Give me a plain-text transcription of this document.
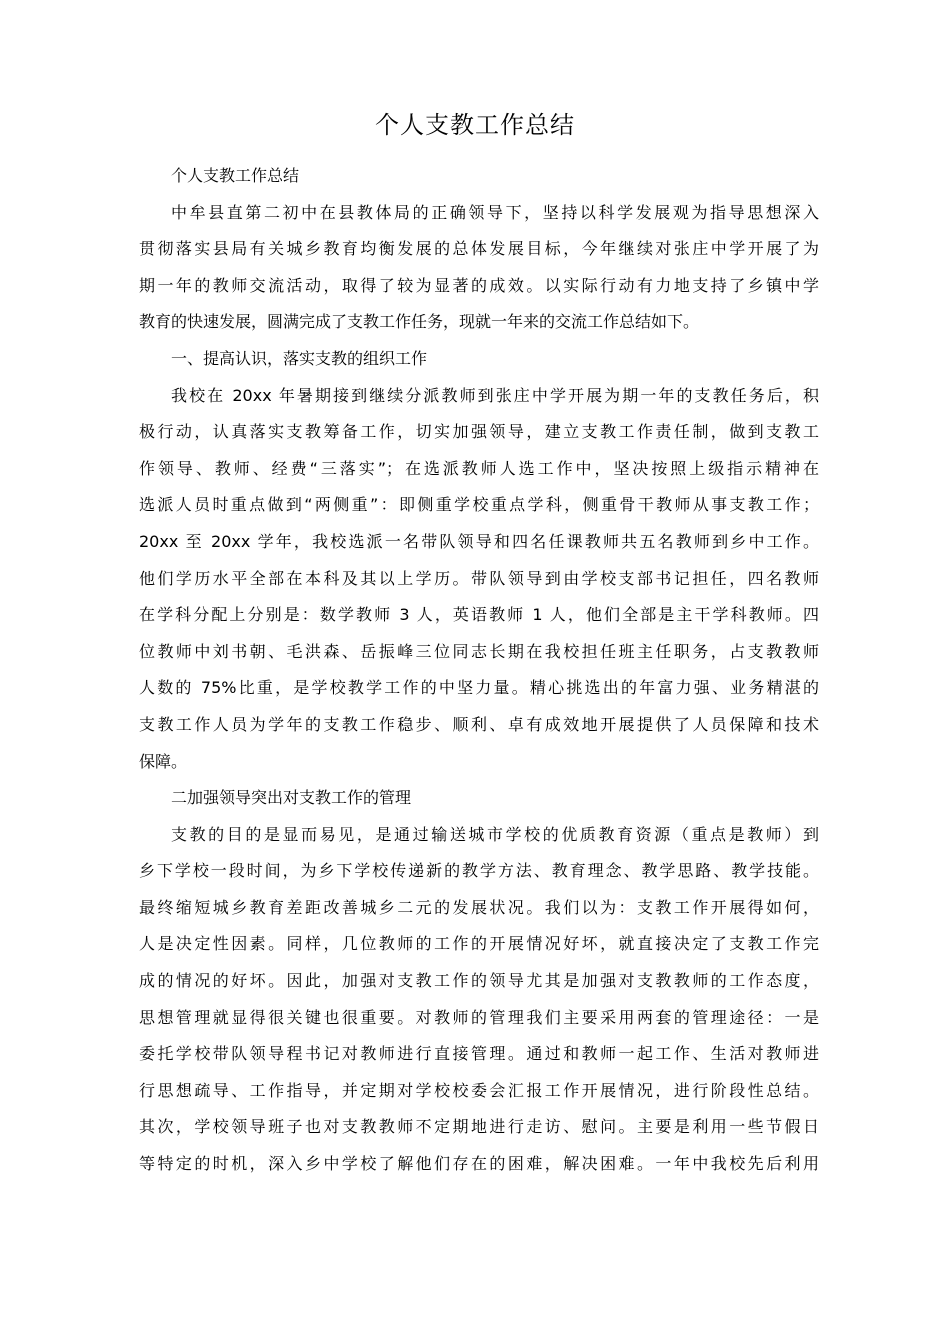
个人支教工作总结
个人支教工作总结
中牟县直第二初中在县教体局的正确领导下，坚持以科学发展观为指导思想深入
贯彻落实县局有关城乡教育均衡发展的总体发展目标，今年继续对张庄中学开展了为
期一年的教师交流活动，取得了较为显著的成效。以实际行动有力地支持了乡镇中学
教育的快速发展，圆满完成了支教工作任务，现就一年来的交流工作总结如下。
一、提高认识，落实支教的组织工作
我校在 20xx 年暑期接到继续分派教师到张庄中学开展为期一年的支教任务后，积
极行动，认真落实支教筹备工作，切实加强领导，建立支教工作责任制，做到支教工
作领导、教师、经费“三落实”；在选派教师人选工作中，坚决按照上级指示精神在
选派人员时重点做到“两侧重”：即侧重学校重点学科，侧重骨干教师从事支教工作；
20xx 至 20xx 学年，我校选派一名带队领导和四名任课教师共五名教师到乡中工作。
他们学历水平全部在本科及其以上学历。带队领导到由学校支部书记担任，四名教师
在学科分配上分别是：数学教师 3 人，英语教师 1 人，他们全部是主干学科教师。四
位教师中刘书朝、毛洪森、岳振峰三位同志长期在我校担任班主任职务，占支教教师
人数的 75%比重，是学校教学工作的中坚力量。精心挑选出的年富力强、业务精湛的
支教工作人员为学年的支教工作稳步、顺利、卓有成效地开展提供了人员保障和技术
保障。
二加强领导突出对支教工作的管理
支教的目的是显而易见，是通过输送城市学校的优质教育资源（重点是教师）到
乡下学校一段时间，为乡下学校传递新的教学方法、教育理念、教学思路、教学技能。
最终缩短城乡教育差距改善城乡二元的发展状况。我们以为：支教工作开展得如何，
人是决定性因素。同样，几位教师的工作的开展情况好坏，就直接决定了支教工作完
成的情况的好坏。因此，加强对支教工作的领导尤其是加强对支教教师的工作态度，
思想管理就显得很关键也很重要。对教师的管理我们主要采用两套的管理途径：一是
委托学校带队领导程书记对教师进行直接管理。通过和教师一起工作、生活对教师进
行思想疏导、工作指导，并定期对学校校委会汇报工作开展情况，进行阶段性总结。
其次，学校领导班子也对支教教师不定期地进行走访、慰问。主要是利用一些节假日
等特定的时机，深入乡中学校了解他们存在的困难，解决困难。一年中我校先后利用
